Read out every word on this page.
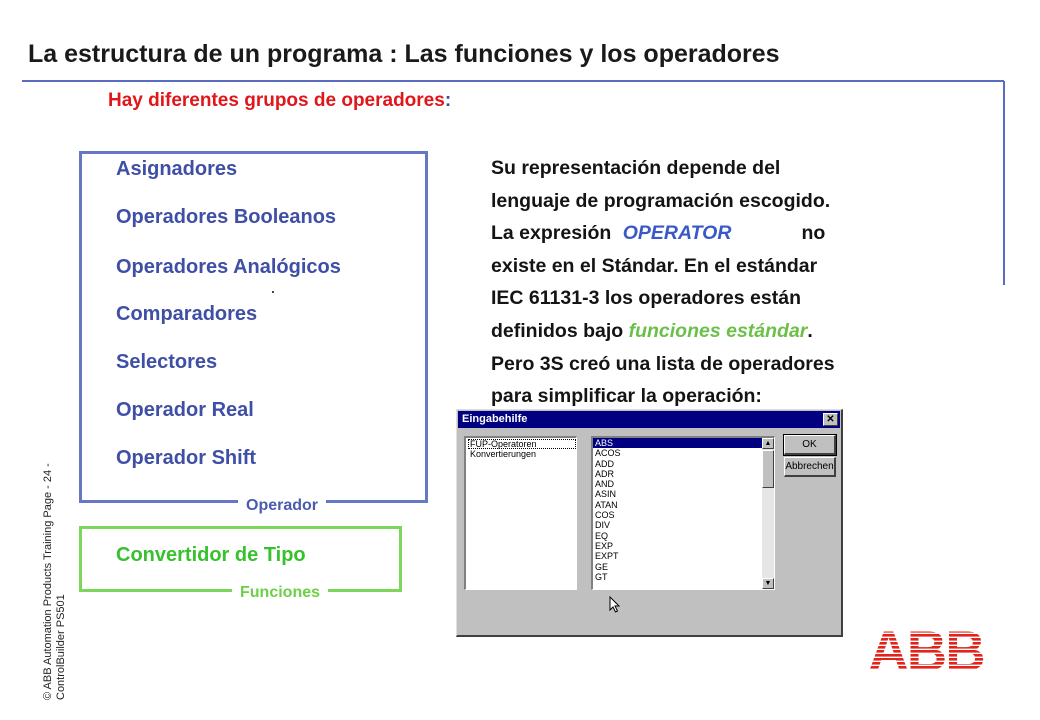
La estructura de un programa : Las funciones y los operadores
Hay diferentes grupos de operadores:
Operador
Asignadores
Operadores Booleanos
Operadores Analógicos
Comparadores
Selectores
Operador Real
Operador Shift
Convertidor de Tipo
Funciones
Su representación depende del
lenguaje de programación escogido.
La expresión OPERATOR	no
existe en el Stándar. En el estándar
IEC 61131-3 los operadores están
definidos bajo funciones estándar.
Pero 3S creó una lista de operadores
para simplificar la operación:
Eingabehilfe	✕
FUP-Operatoren
Konvertierungen
ABS
ACOS
ADD
ADR
AND
ASIN
ATAN
COS
DIV
EQ
EXP
EXPT
GE
GT
▲
▼
OK
Abbrechen
© ABB Automation Products Training Page - 24 - ControlBuilder PS501	ABB
